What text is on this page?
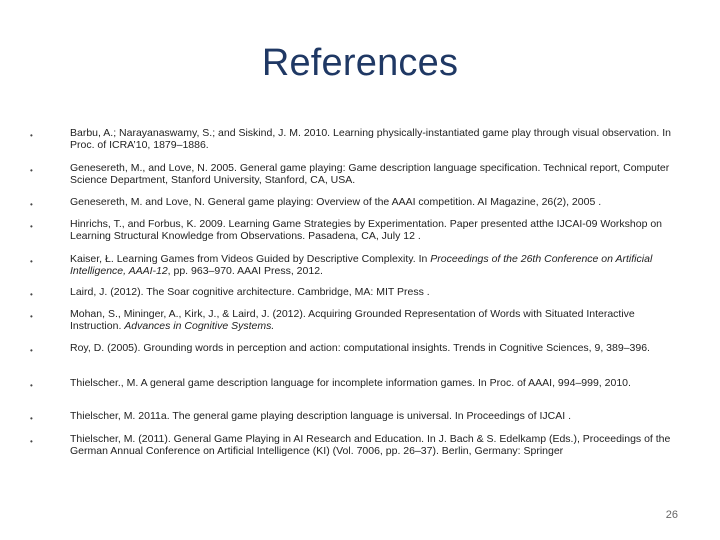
References
•	Barbu, A.; Narayanaswamy, S.; and Siskind, J. M. 2010. Learning physically-instantiated game play through visual observation. In Proc. of ICRA’10, 1879–1886.
•	Genesereth, M., and Love, N. 2005. General game playing: Game description language specification. Technical report, Computer Science Department, Stanford University, Stanford, CA, USA.
•	Genesereth, M. and Love, N. General game playing: Overview of the AAAI competition. AI Magazine, 26(2), 2005 .
•	Hinrichs, T., and Forbus, K. 2009. Learning Game Strategies by Experimentation. Paper presented atthe IJCAI-09 Workshop on Learning Structural Knowledge from Observations. Pasadena, CA, July 12 .
•	Kaiser, Ł. Learning Games from Videos Guided by Descriptive Complexity. In Proceedings of the 26th Conference on Artificial Intelligence, AAAI-12, pp. 963–970. AAAI Press, 2012.
•	Laird, J. (2012). The Soar cognitive architecture. Cambridge, MA: MIT Press .
•	Mohan, S., Mininger, A., Kirk, J., & Laird, J. (2012). Acquiring Grounded Representation of Words with Situated Interactive Instruction. Advances in Cognitive Systems.
•	Roy, D. (2005). Grounding words in perception and action: computational insights. Trends in Cognitive Sciences, 9, 389–396.
•	Thielscher., M. A general game description language for incomplete information games. In Proc. of AAAI, 994–999, 2010.
•	Thielscher, M. 2011a. The general game playing description language is universal. In Proceedings of IJCAI .
•	Thielscher, M. (2011). General Game Playing in AI Research and Education. In J. Bach & S. Edelkamp (Eds.), Proceedings of the German Annual Conference on Artificial Intelligence (KI) (Vol. 7006, pp. 26–37). Berlin, Germany: Springer
26
